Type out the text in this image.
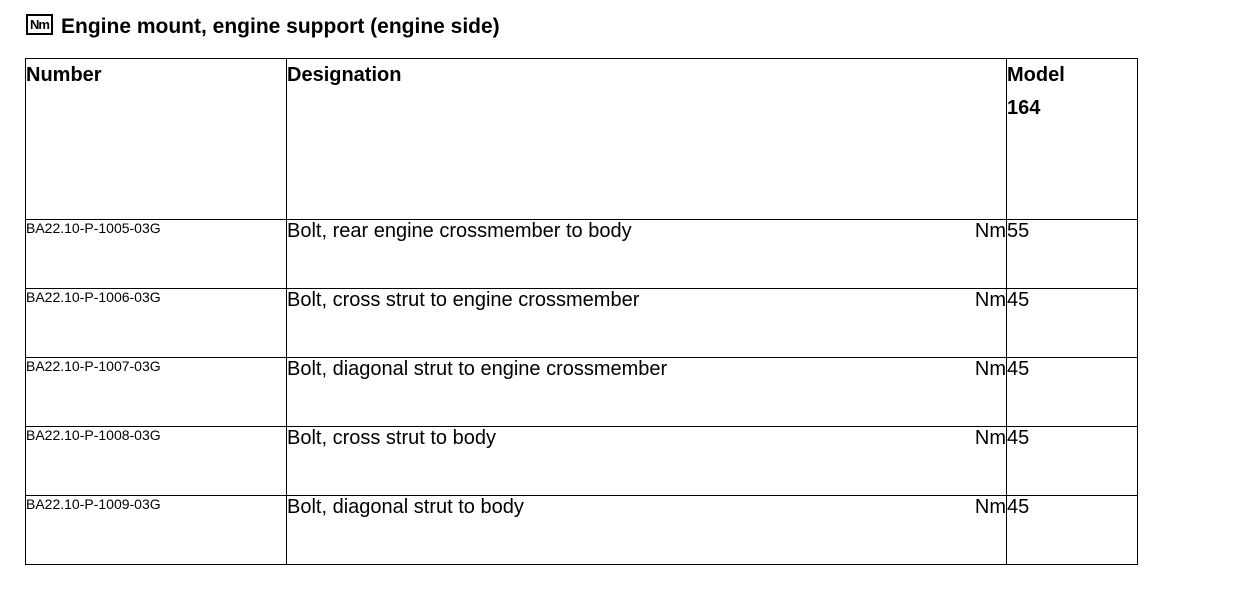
Nm Engine mount, engine support (engine side)
Number	Designation	Model
164

BA22.10-P-1005-03G	Bolt, rear engine crossmember to body Nm	55
BA22.10-P-1006-03G	Bolt, cross strut to engine crossmember Nm	45
BA22.10-P-1007-03G	Bolt, diagonal strut to engine crossmember Nm	45
BA22.10-P-1008-03G	Bolt, cross strut to body Nm	45
BA22.10-P-1009-03G	Bolt, diagonal strut to body Nm	45
